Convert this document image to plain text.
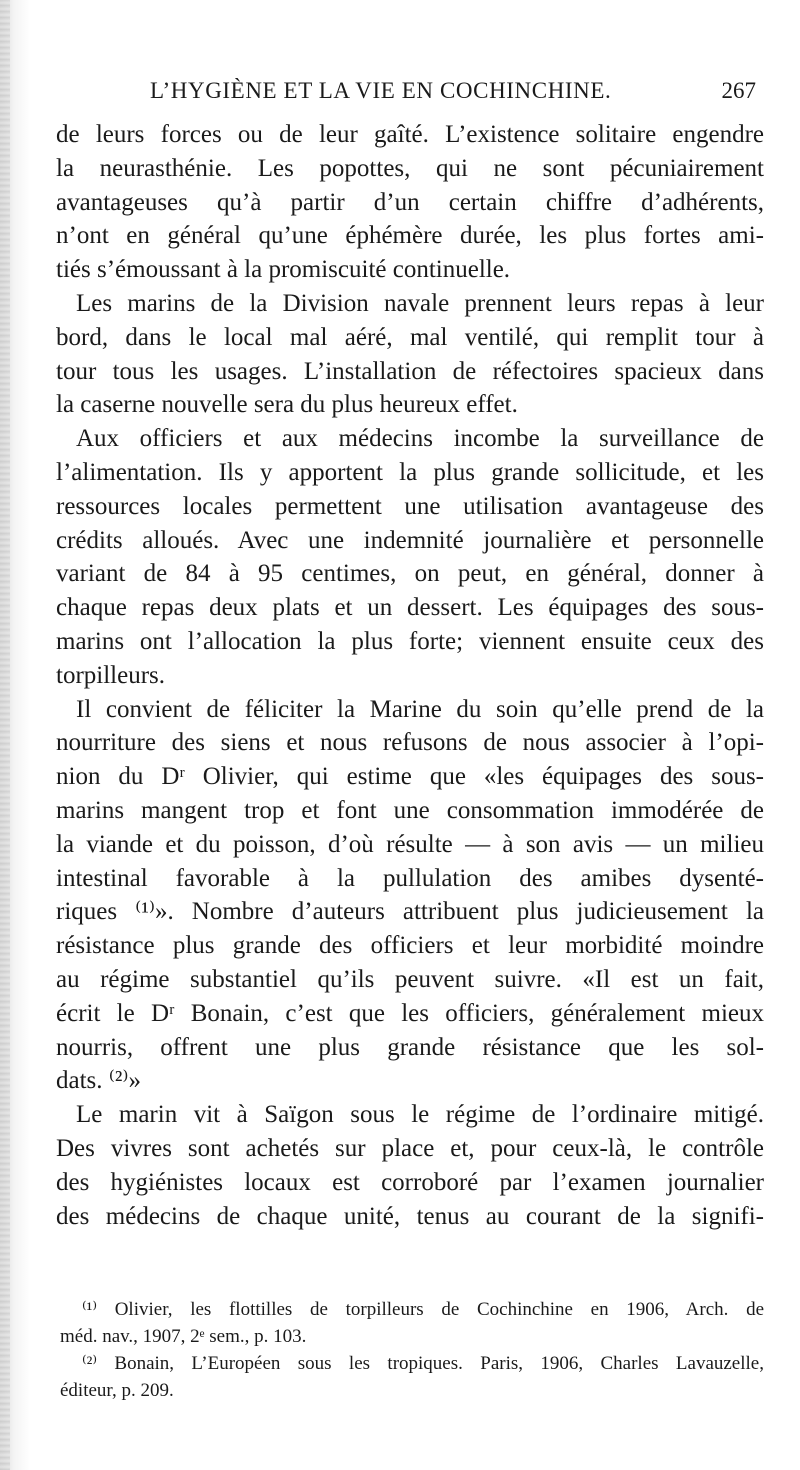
L’HYGIÈNE ET LA VIE EN COCHINCHINE.	267
de leurs forces ou de leur gaîté. L’existence solitaire engendre
la neurasthénie. Les popottes, qui ne sont pécuniairement
avantageuses qu’à partir d’un certain chiffre d’adhérents,
n’ont en général qu’une éphémère durée, les plus fortes ami-
tiés s’émoussant à la promiscuité continuelle.
Les marins de la Division navale prennent leurs repas à leur
bord, dans le local mal aéré, mal ventilé, qui remplit tour à
tour tous les usages. L’installation de réfectoires spacieux dans
la caserne nouvelle sera du plus heureux effet.
Aux officiers et aux médecins incombe la surveillance de
l’alimentation. Ils y apportent la plus grande sollicitude, et les
ressources locales permettent une utilisation avantageuse des
crédits alloués. Avec une indemnité journalière et personnelle
variant de 84 à 95 centimes, on peut, en général, donner à
chaque repas deux plats et un dessert. Les équipages des sous-
marins ont l’allocation la plus forte; viennent ensuite ceux des
torpilleurs.
Il convient de féliciter la Marine du soin qu’elle prend de la
nourriture des siens et nous refusons de nous associer à l’opi-
nion du Dʳ Olivier, qui estime que «les équipages des sous-
marins mangent trop et font une consommation immodérée de
la viande et du poisson, d’où résulte — à son avis — un milieu
intestinal favorable à la pullulation des amibes dysenté-
riques ⁽¹⁾». Nombre d’auteurs attribuent plus judicieusement la
résistance plus grande des officiers et leur morbidité moindre
au régime substantiel qu’ils peuvent suivre. «Il est un fait,
écrit le Dʳ Bonain, c’est que les officiers, généralement mieux
nourris, offrent une plus grande résistance que les sol-
dats. ⁽²⁾»
Le marin vit à Saïgon sous le régime de l’ordinaire mitigé.
Des vivres sont achetés sur place et, pour ceux-là, le contrôle
des hygiénistes locaux est corroboré par l’examen journalier
des médecins de chaque unité, tenus au courant de la signifi-
⁽¹⁾ Olivier, les flottilles de torpilleurs de Cochinchine en 1906, Arch. de
méd. nav., 1907, 2ᵉ sem., p. 103.
⁽²⁾ Bonain, L’Européen sous les tropiques. Paris, 1906, Charles Lavauzelle,
éditeur, p. 209.
